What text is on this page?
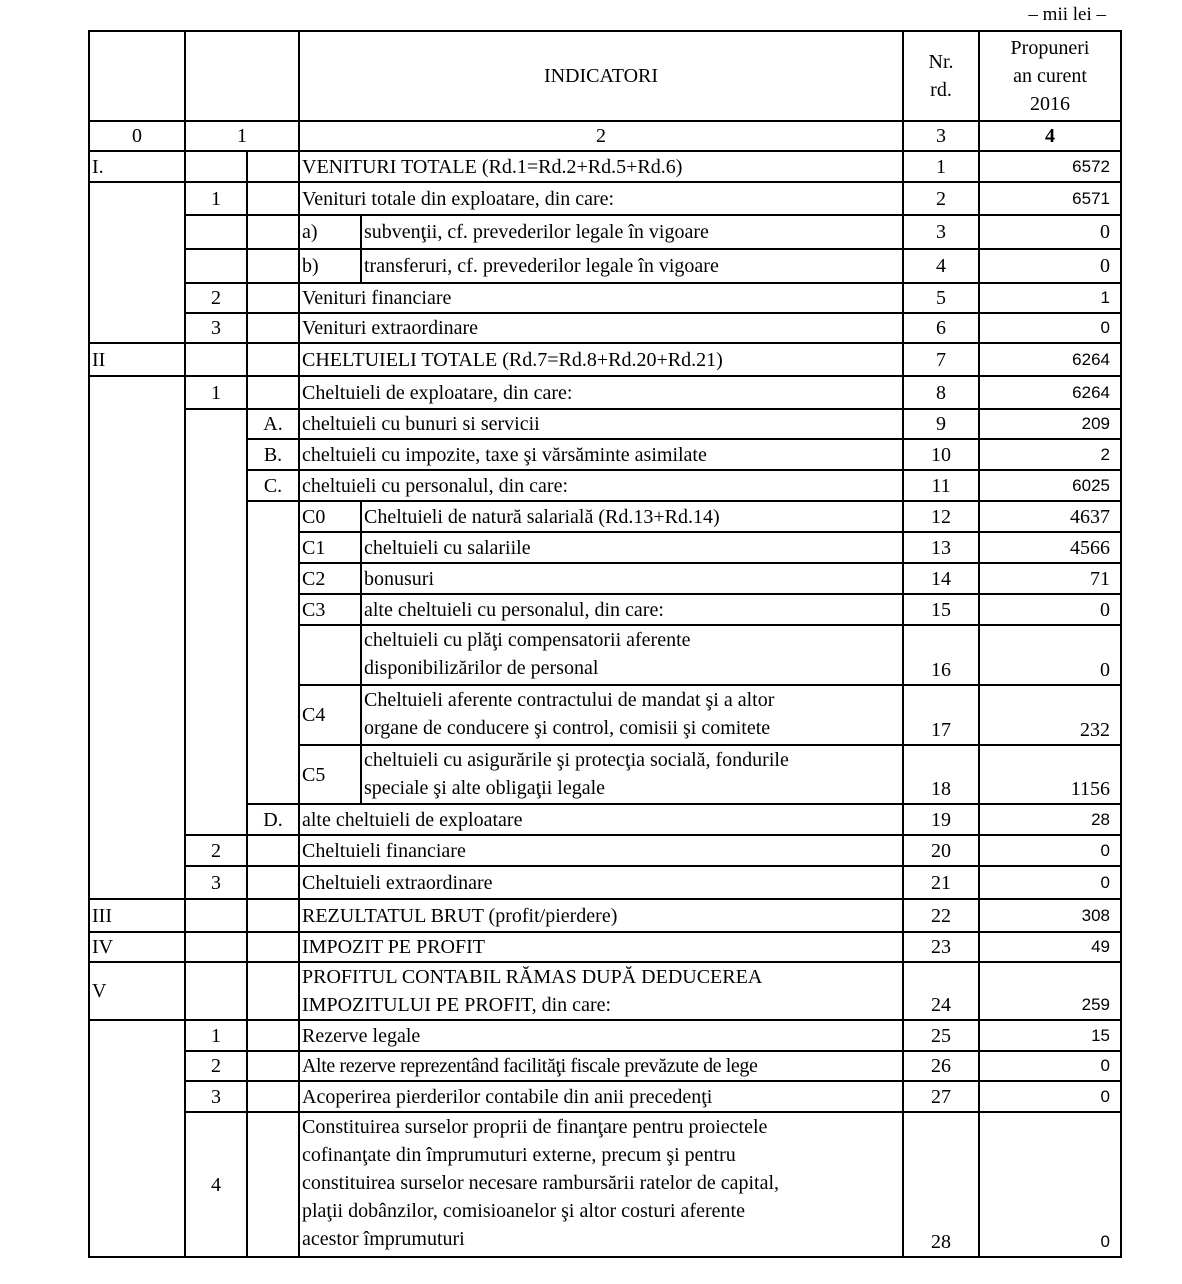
– mii lei –
			INDICATORI		Nr.
rd.	Propuneri
an curent
2016
0	1		2		3	4
I.			VENITURI TOTALE (Rd.1=Rd.2+Rd.5+Rd.6)		1	6572
	1		Venituri totale din exploatare, din care:		2	6571
			a)	subvenţii, cf. prevederilor legale în vigoare	3	0
			b)	transferuri, cf. prevederilor legale în vigoare	4	0
	2		Venituri financiare		5	1
	3		Venituri extraordinare		6	0
II			CHELTUIELI TOTALE (Rd.7=Rd.8+Rd.20+Rd.21)		7	6264
	1		Cheltuieli de exploatare, din care:		8	6264
		A.	cheltuieli cu bunuri si servicii		9	209
		B.	cheltuieli cu impozite, taxe şi vărsăminte asimilate		10	2
		C.	cheltuieli cu personalul, din care:		11	6025
			C0	Cheltuieli de natură salarială (Rd.13+Rd.14)	12	4637
			C1	cheltuieli cu salariile	13	4566
			C2	bonusuri	14	71
			C3	alte cheltuieli cu personalul, din care:	15	0
				cheltuieli cu plăţi compensatorii aferente
disponibilizărilor de personal	16	0
			C4	Cheltuieli aferente contractului de mandat şi a altor
organe de conducere şi control, comisii şi comitete	17	232
			C5	cheltuieli cu asigurările şi protecţia socială, fondurile
speciale şi alte obligaţii legale	18	1156
		D.	alte cheltuieli de exploatare		19	28
	2		Cheltuieli financiare		20	0
	3		Cheltuieli extraordinare		21	0
III			REZULTATUL BRUT (profit/pierdere)		22	308
IV			IMPOZIT PE PROFIT		23	49
V			PROFITUL CONTABIL RĂMAS DUPĂ DEDUCEREA
IMPOZITULUI PE PROFIT, din care:		24	259
	1		Rezerve legale		25	15
	2		Alte rezerve reprezentând facilităţi fiscale prevăzute de lege		26	0
	3		Acoperirea pierderilor contabile din anii precedenţi		27	0
	4		Constituirea surselor proprii de finanţare pentru proiectele
cofinanţate din împrumuturi externe, precum şi pentru
constituirea surselor necesare rambursării ratelor de capital,
plaţii dobânzilor, comisioanelor şi altor costuri aferente
acestor împrumuturi		28	0
